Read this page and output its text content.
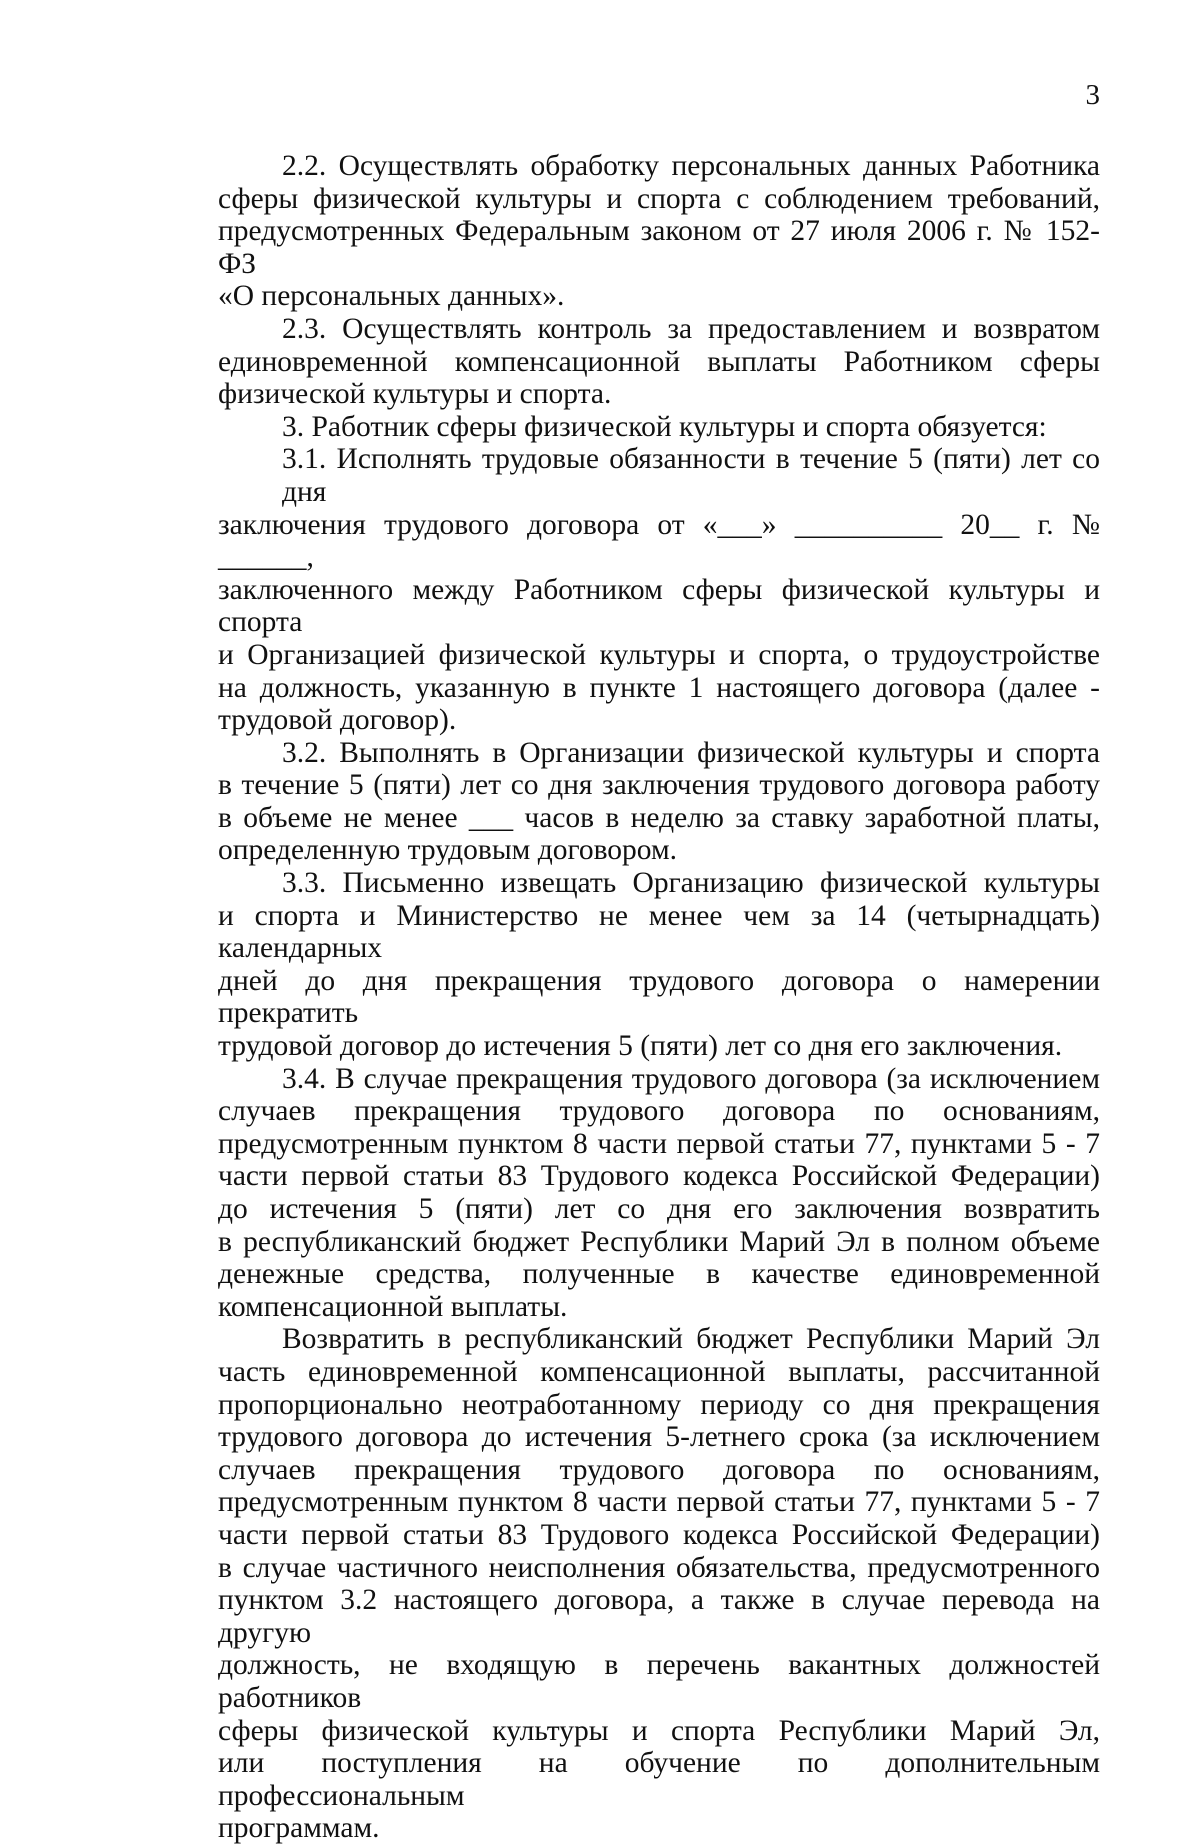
3

2.2. Осуществлять обработку персональных данных Работника
сферы физической культуры и спорта с соблюдением требований,
предусмотренных Федеральным законом от 27 июля 2006 г. № 152-ФЗ
«О персональных данных».

2.3. Осуществлять контроль за предоставлением и возвратом
единовременной компенсационной выплаты Работником сферы
физической культуры и спорта.

3. Работник сферы физической культуры и спорта обязуется:

3.1. Исполнять трудовые обязанности в течение 5 (пяти) лет со дня
заключения трудового договора от «___» __________ 20__ г. № ______,
заключенного между Работником сферы физической культуры и спорта
и Организацией физической культуры и спорта, о трудоустройстве
на должность, указанную в пункте 1 настоящего договора (далее -
трудовой договор).

3.2. Выполнять в Организации физической культуры и спорта
в течение 5 (пяти) лет со дня заключения трудового договора работу
в объеме не менее ___ часов в неделю за ставку заработной платы,
определенную трудовым договором.

3.3. Письменно извещать Организацию физической культуры
и спорта и Министерство не менее чем за 14 (четырнадцать) календарных
дней до дня прекращения трудового договора о намерении прекратить
трудовой договор до истечения 5 (пяти) лет со дня его заключения.

3.4. В случае прекращения трудового договора (за исключением
случаев прекращения трудового договора по основаниям,
предусмотренным пунктом 8 части первой статьи 77, пунктами 5 - 7
части первой статьи 83 Трудового кодекса Российской Федерации)
до истечения 5 (пяти) лет со дня его заключения возвратить
в республиканский бюджет Республики Марий Эл в полном объеме
денежные средства, полученные в качестве единовременной
компенсационной выплаты.

Возвратить в республиканский бюджет Республики Марий Эл
часть единовременной компенсационной выплаты, рассчитанной
пропорционально неотработанному периоду со дня прекращения
трудового договора до истечения 5-летнего срока (за исключением
случаев прекращения трудового договора по основаниям,
предусмотренным пунктом 8 части первой статьи 77, пунктами 5 - 7
части первой статьи 83 Трудового кодекса Российской Федерации)
в случае частичного неисполнения обязательства, предусмотренного
пунктом 3.2 настоящего договора, а также в случае перевода на другую
должность, не входящую в перечень вакантных должностей работников
сферы физической культуры и спорта Республики Марий Эл,
или поступления на обучение по дополнительным профессиональным
программам.
